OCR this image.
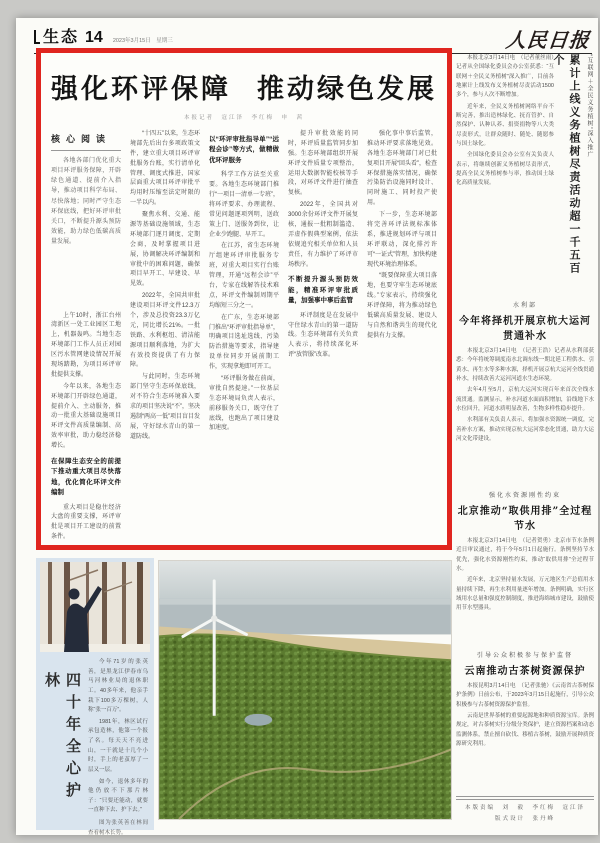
生态 14 2023年3月15日　星期三	人民日报
强化环评保障 推动绿色发展
本报记者　寇江泽　李红梅　申　茜
核心阅读
各地各部门优化重大项目环评服务保障，开辟绿色通道、提前介入指导，推动项目科学布局、尽快落地；同时严守生态环保底线，把好环评审批关口，不断提升源头预防效能，助力绿色低碳高质量发展。

上午10时，浙江台州湾新区一处工业园区工地上，机器轰鸣。当地生态环境部门工作人员正对园区污水管网建设情况开展现场踏勘，为项目环评审批提供支撑。

今年以来，各地生态环境部门开辟绿色通道，提前介入、主动服务，推动一批重大基础设施项目环评文件高质量编制、高效率审批，助力稳经济稳增长。

在保障生态安全的前提下推动重大项目尽快落地，优化简化环评文件编制

重大项目是稳住经济大盘的重要支撑，环评审批是项目开工建设的前置条件。

“十四五”以来，生态环境部先后出台多项政策文件，建立重大项目环评审批服务台账，实行清单化管理、调度式推进，国家层面重大项目环评审批平均用时压缩至法定时限的一半以内。

聚焦水利、交通、能源等基础设施领域，生态环境部门逐月调度、定期会商，及时掌握项目进展，协调解决环评编制和审批中的困难问题，确保项目早开工、早建设、早见效。

2022年，全国共审批建设项目环评文件12.3万个，涉及总投资23.3万亿元，同比增长21%。一批铁路、水利枢纽、清洁能源项目顺利落地，为扩大有效投资提供了有力保障。

与此同时，生态环境部门坚守生态环保底线，对不符合生态环境准入要求的项目坚决说“不”，坚决遏制“两高一低”项目盲目发展，守好绿水青山的第一道防线。

以“环评审批指导单”“远程会诊”等方式，做精做优环评服务

科学工作方法至关重要。各地生态环境部门推行“一项目一清单一专班”，将环评要求、办理流程、常见问题逐项列明，送政策上门、送服务到位，让企业少跑腿、早开工。

在江苏，省生态环境厅组建环评审批服务专班，对重大项目实行台账管理，开通“远程会诊”平台，专家在线解答技术难点，环评文件编制周期平均缩短三分之一。

在广东，生态环境部门推出“环评审批指导单”，明确项目选址选线、污染防治措施等要求，指导建设单位同步开展前期工作，实现拿地即可开工。

“环评服务做在前面，审批自然提速。”一位基层生态环境局负责人表示，前移服务关口，既守住了底线，也跑出了项目建设加速度。

提升审批效能的同时，环评质量监管同步加强。生态环境部组织开展环评文件质量专项整治，运用大数据智能校核等手段，对环评文件进行抽查复核。

2022年，全国共对3000余份环评文件开展复核，通报一批粗制滥造、弄虚作假典型案例，依法依规追究相关单位和人员责任，有力维护了环评市场秩序。

不断提升源头预防效能，精准环评审批质量，加强事中事后监管

环评制度是在发展中守住绿水青山的第一道防线。生态环境部有关负责人表示，将持续深化环评“放管服”改革。

强化事中事后监管，推动环评要求落地见效。各地生态环境部门对已批复项目开展“回头看”，检查环保措施落实情况，确保污染防治设施同时设计、同时施工、同时投产使用。

下一步，生态环境部将完善环评法规标准体系，推进规划环评与项目环评联动，深化排污许可“一证式”管理，加快构建现代环境治理体系。

“既要保障重大项目落地，也要守牢生态环境底线。”专家表示，持续强化环评保障，将为推动绿色低碳高质量发展、建设人与自然和谐共生的现代化提供有力支撑。

四十年全心护林

今年71岁的张英善，是黑龙江伊春市乌马河林业局的退休职工。40多年来，他亲手栽下100多万棵树，人称“张一百万”。

1981年，林区试行承包造林，他第一个报了名。每天天不亮进山，一干就是十几个小时，手上的老茧厚了一层又一层。

如今，退休多年的他仍放不下那片林子：“只要还能动，就要一直种下去、护下去。”

图为张英善在林间查看树木长势。

本报北京3月14日电　（记者董丝雨）记者从全国绿化委员会办公室获悉：“互联网＋全民义务植树”深入推广，目前各地累计上线发布义务植树尽责活动1500多个，参与人次不断增加。

近年来，全民义务植树网络平台不断完善，推出造林绿化、抚育管护、自然保护、认种认养、捐资捐物等八大类尽责形式，让群众随时、随处、随愿参与国土绿化。

全国绿化委员会办公室有关负责人表示，将继续创新义务植树尽责形式，提高全民义务植树参与率，推动国土绿化高质量发展。	累计上线义务植树尽责活动超一千五百个	“互联网＋全民义务植树”深入推广
水利部
今年将择机开展京杭大运河贯通补水

本报北京3月14日电　（记者王浩）记者从水利部获悉：今年将统筹调度南水北调东线一期北延工程供水、引黄水、再生水等多种水源，择机开展京杭大运河全线贯通补水，持续改善大运河河道水生态环境。

去年4月至5月，京杭大运河实现百年来首次全线水流贯通。监测显示，补水河道水面面积增加，沿线地下水水位回升，河道水质明显改善，生物多样性稳步提升。

水利部有关负责人表示，将加强水资源统一调度，完善补水方案，推动实现京杭大运河常态化贯通，助力大运河文化带建设。

强化水资源刚性约束
北京推动“取供用排”全过程节水

本报北京3月14日电　（记者贺勇）北京市节水条例近日审议通过，将于今年5月1日起施行。条例坚持节水优先，强化水资源刚性约束，推动“取供用排”全过程节水。

近年来，北京坚持量水发展，万元地区生产总值用水量持续下降，再生水利用量逐年增加。条例明确，实行区域用水总量和强度控制制度，推进海绵城市建设，鼓励使用节水型器具。

引导公众积极参与保护监督
云南推动古茶树资源保护

本报昆明3月14日电　（记者张驰）《云南省古茶树保护条例》日前公布，于2023年3月15日起施行，引导公众积极参与古茶树资源保护监督。

云南是世界茶树的重要起源地和种质资源宝库。条例规定，对古茶树实行分级分类保护，建立资源档案和动态监测体系，禁止擅自砍伐、移植古茶树，鼓励开展种质资源研究利用。

本版责编　刘　毅　李红梅　寇江泽
版式设计　张丹峰
